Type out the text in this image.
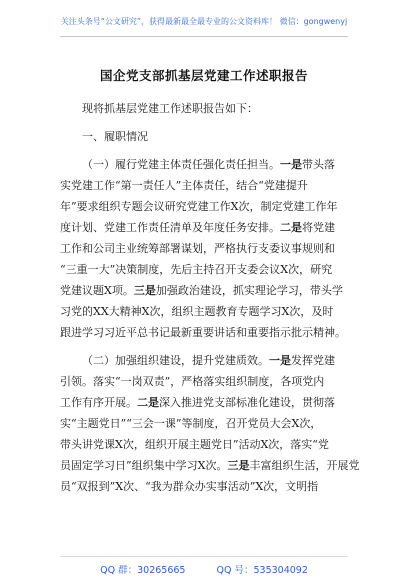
关注头条号“公文研究”，获得最新最全最专业的公文资料库！ 微信：gongwenyj
国企党支部抓基层党建工作述职报告
现将抓基层党建工作述职报告如下：
一、履职情况
（一）履行党建主体责任强化责任担当。一是带头落
实党建工作“第一责任人”主体责任，结合“党建提升
年”要求组织专题会议研究党建工作X次，制定党建工作年
度计划、党建工作责任清单及年度任务安排。二是将党建
工作和公司主业统筹部署谋划，严格执行支委议事规则和
“三重一大”决策制度，先后主持召开支委会议X次，研究
党建议题X项。三是加强政治建设，抓实理论学习，带头学
习党的XX大精神X次，组织主题教育专题学习X次，及时
跟进学习习近平总书记最新重要讲话和重要指示批示精神。
（二）加强组织建设，提升党建质效。一是发挥党建
引领。落实“一岗双责”，严格落实组织制度，各项党内
工作有序开展。二是深入推进党支部标准化建设，贯彻落
实“主题党日”“三会一课”等制度，召开党员大会X次，
带头讲党课X次，组织开展主题党日”活动X次，落实“党
员固定学习日”组织集中学习X次。三是丰富组织生活，开展党
员“双报到”X次、“我为群众办实事活动”X次，文明指
QQ 群：30265665	QQ 号：535304092
